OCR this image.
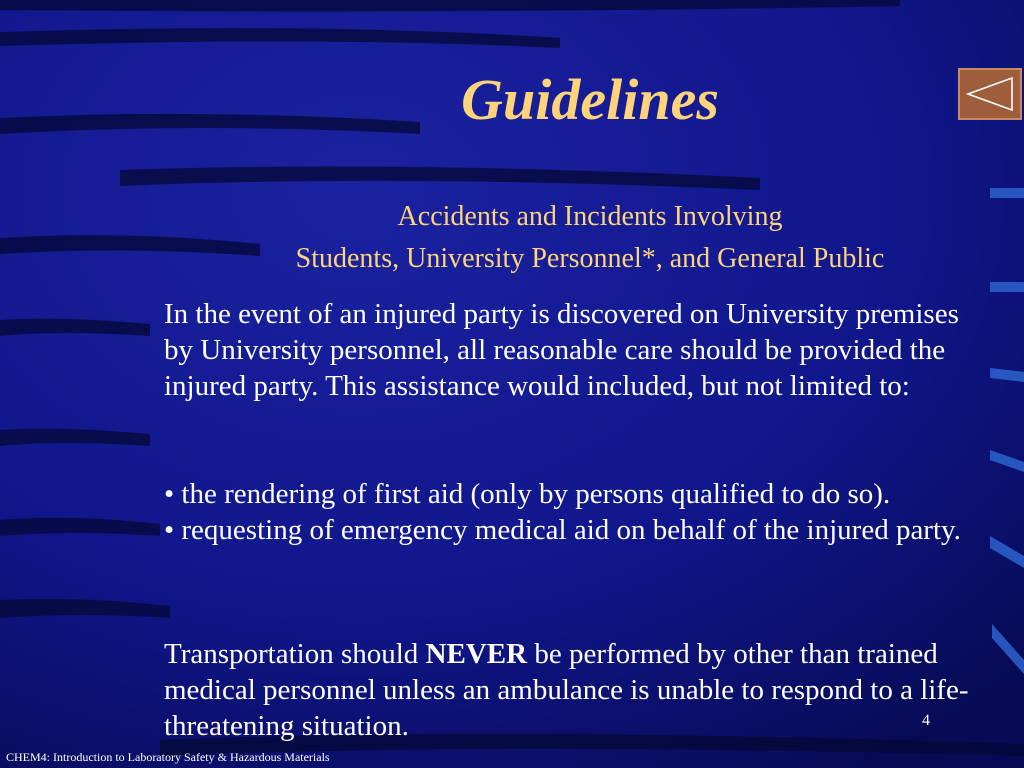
Guidelines
Accidents and Incidents Involving
Students, University Personnel*, and General Public
In the event of an injured party is discovered on University premises by University personnel, all reasonable care should be provided the injured party. This assistance would included, but not limited to:

• the rendering of first aid (only by persons qualified to do so).

• requesting of emergency medical aid on behalf of the injured party.

Transportation should NEVER be performed by other than trained medical personnel unless an ambulance is unable to respond to a life-threatening situation.	4
CHEM4: Introduction to Laboratory Safety & Hazardous Materials
